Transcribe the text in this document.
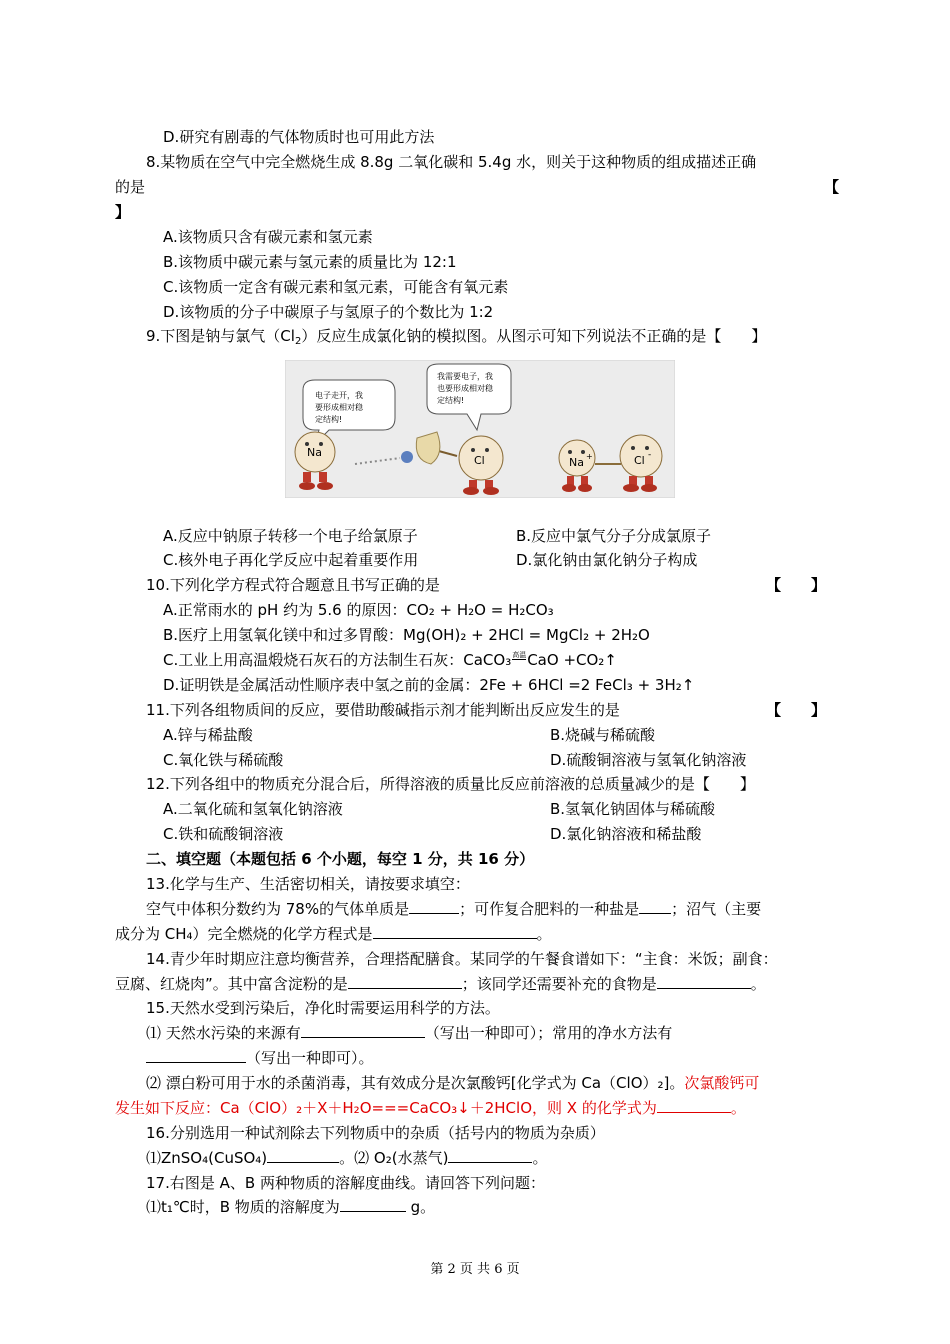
D.研究有剧毒的气体物质时也可用此方法
8.某物质在空气中完全燃烧生成 8.8g 二氧化碳和 5.4g 水，则关于这种物质的组成描述正确
的是	【
】
A.该物质只含有碳元素和氢元素
B.该物质中碳元素与氢元素的质量比为 12:1
C.该物质一定含有碳元素和氢元素，可能含有氧元素
D.该物质的分子中碳原子与氢原子的个数比为 1:2
9.下图是钠与氯气$(Cl_2)$反应生成氯化钠的模拟图。从图示可知下列说法不正确的是【　　】
电子走开，我
要形成相对稳
定结构!
我需要电子，我
也要形成相对稳
定结构!
Na
Cl	Na +	Cl -
A.反应中钠原子转移一个电子给氯原子	B.反应中氯气分子分成氯原子
C.核外电子再化学反应中起着重要作用	D.氯化钠由氯化钠分子构成
10.下列化学方程式符合题意且书写正确的是	【　　】
A.正常雨水的 pH 约为 5.6 的原因：CO₂ + H₂O = H₂CO₃
B.医疗上用氢氧化镁中和过多胃酸：Mg(OH)₂ + 2HCl = MgCl₂ + 2H₂O
C.工业上用高温煅烧石灰石的方法制生石灰：CaCO₃高温CaO +CO₂↑
D.证明铁是金属活动性顺序表中氢之前的金属：2Fe + 6HCl =2 FeCl₃ + 3H₂↑
11.下列各组物质间的反应，要借助酸碱指示剂才能判断出反应发生的是	【　　】
A.锌与稀盐酸	B.烧碱与稀硫酸
C.氧化铁与稀硫酸	D.硫酸铜溶液与氢氧化钠溶液
12.下列各组中的物质充分混合后，所得溶液的质量比反应前溶液的总质量减少的是【　　】
A.二氧化硫和氢氧化钠溶液	B.氢氧化钠固体与稀硫酸
C.铁和硫酸铜溶液	D.氯化钠溶液和稀盐酸
二、填空题（本题包括 6 个小题，每空 1 分，共 16 分）
13.化学与生产、生活密切相关，请按要求填空：
空气中体积分数约为 78%的气体单质是	；可作复合肥料的一种盐是 ；沼气（主要
成分为 CH₄）完全燃烧的化学方程式是	。
14.青少年时期应注意均衡营养，合理搭配膳食。某同学的午餐食谱如下：“主食：米饭；副食：
豆腐、红烧肉”。其中富含淀粉的是	；该同学还需要补充的食物是	。
15.天然水受到污染后，净化时需要运用科学的方法。
⑴ 天然水污染的来源有	（写出一种即可）；常用的净水方法有
（写出一种即可）。
⑵ 漂白粉可用于水的杀菌消毒，其有效成分是次氯酸钙[化学式为 Ca（ClO）₂]。次氯酸钙可
发生如下反应：Ca（ClO）₂＋X＋H₂O===CaCO₃↓＋2HClO，则 X 的化学式为	。
16.分别选用一种试剂除去下列物质中的杂质（括号内的物质为杂质）
⑴ZnSO₄(CuSO₄)	。⑵ O₂(水蒸气)	。
17.右图是 A、B 两种物质的溶解度曲线。请回答下列问题：
⑴t₁℃时，B 物质的溶解度为	g。
第 2 页 共 6 页
